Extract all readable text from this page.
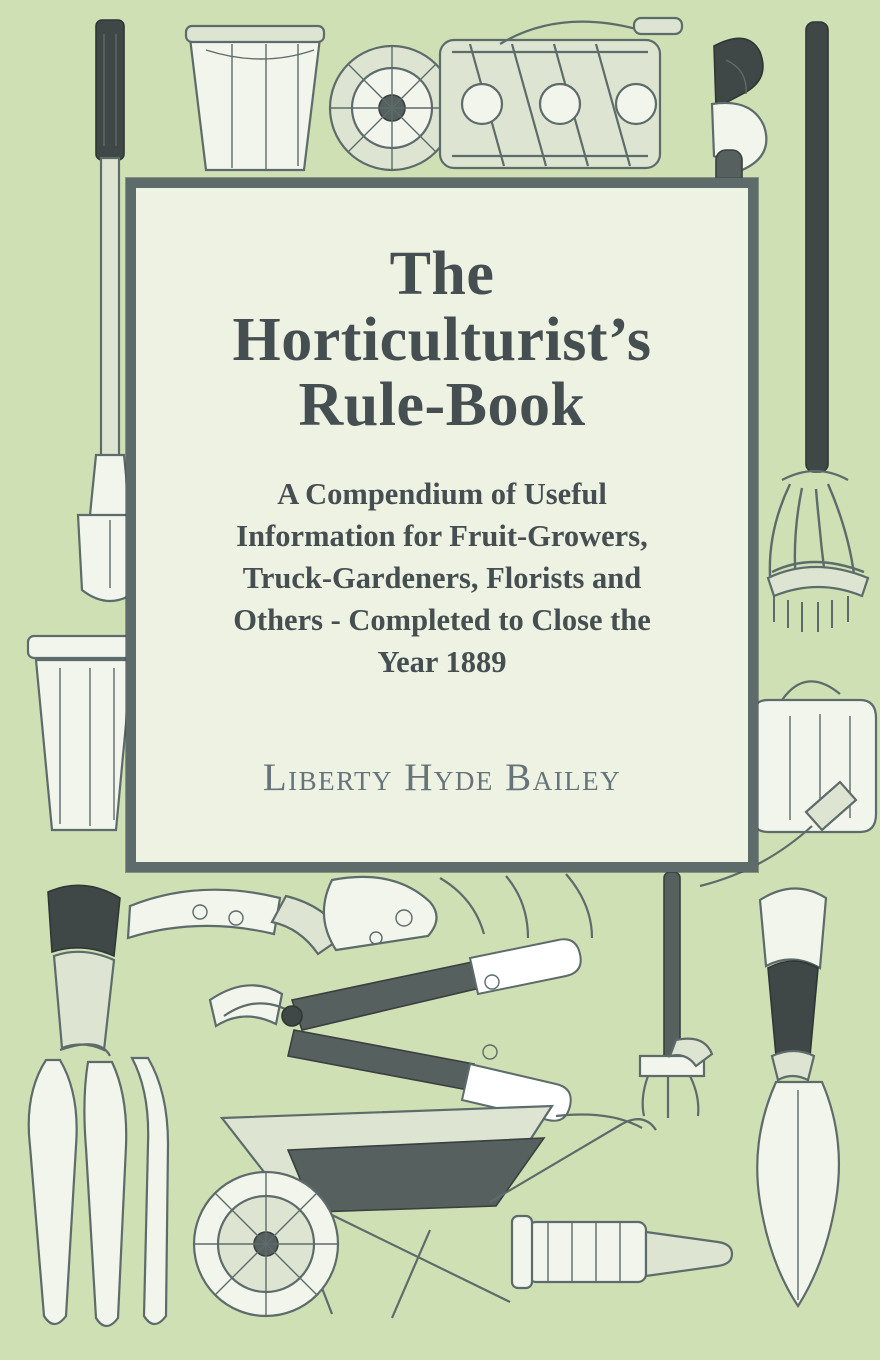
The
Horticulturist’s
Rule-Book
A Compendium of Useful
Information for Fruit-Growers,
Truck-Gardeners, Florists and
Others - Completed to Close the
Year 1889
Liberty Hyde Bailey
